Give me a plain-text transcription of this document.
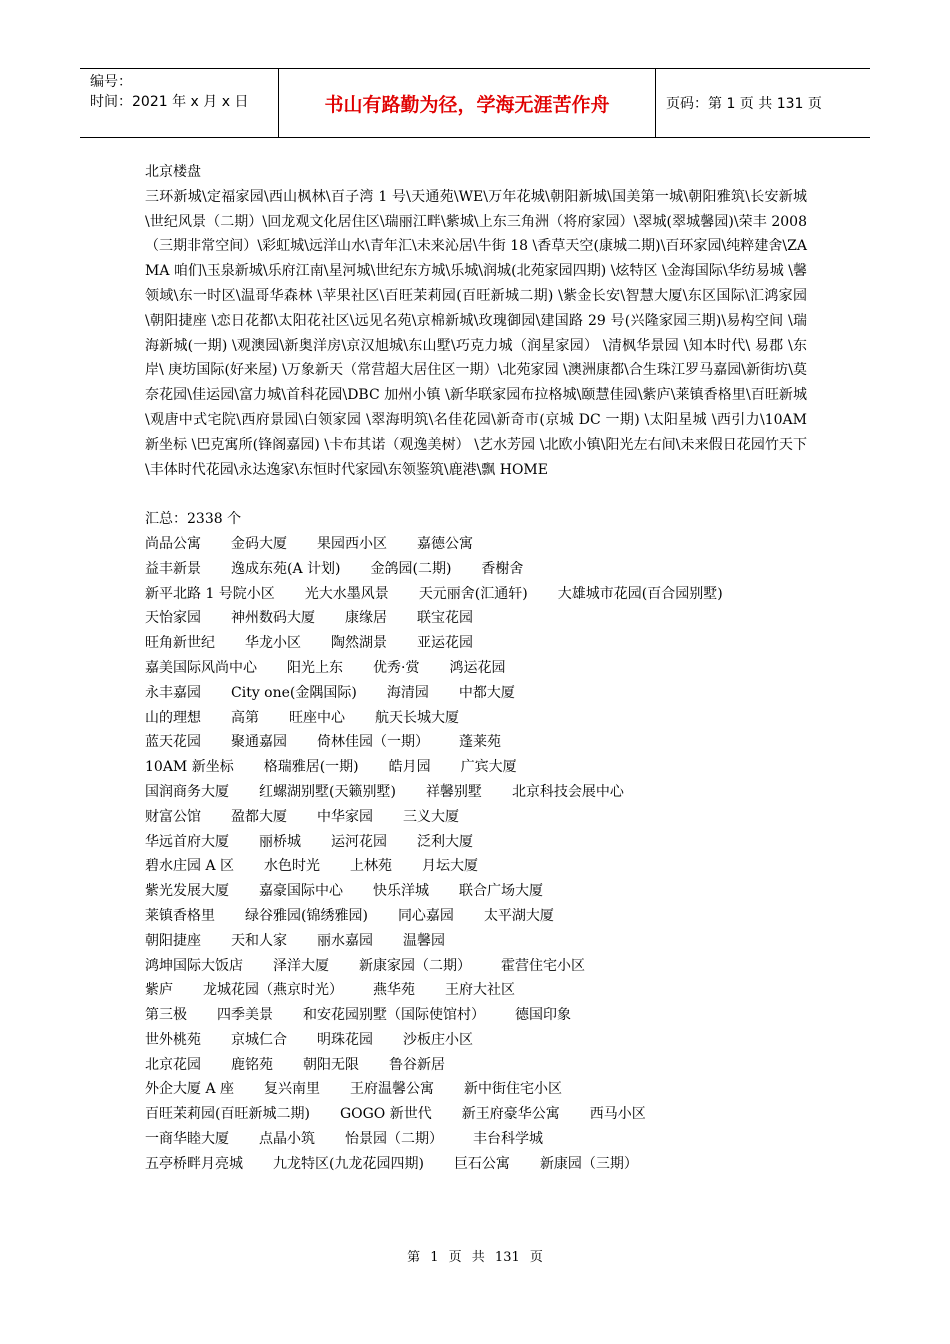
编号：
时间：2021 年 x 月 x 日	书山有路勤为径，学海无涯苦作舟	页码：第 1 页 共 131 页
北京楼盘
三环新城\定福家园\西山枫林\百子湾 1 号\天通苑\WE\万年花城\朝阳新城\国美第一城\朝阳雅筑\长安新城\世纪风景（二期）\回龙观文化居住区\瑞丽江畔\紫城\上东三角洲（将府家园）\翠城(翠城馨园)\荣丰 2008（三期非常空间）\彩虹城\远洋山水\青年汇\未来沁居\牛街 18 \香草天空(康城二期)\百环家园\纯粹建舍\ZAMA 咱们\玉泉新城\乐府江南\星河城\世纪东方城\乐城\润城(北苑家园四期) \炫特区 \金海国际\华纺易城 \馨领域\东一时区\温哥华森林 \苹果社区\百旺茉莉园(百旺新城二期) \紫金长安\智慧大厦\东区国际\汇鸿家园\朝阳捷座 \恋日花都\太阳花社区\远见名苑\京棉新城\玫瑰御园\建国路 29 号(兴隆家园三期)\易构空间 \瑞海新城(一期) \观澳园\新奥洋房\京汉旭城\东山墅\巧克力城（润星家园） \清枫华景园 \知本时代\ 易郡 \东岸\ 庚坊国际(好来屋) \万象新天（常营超大居住区一期）\北苑家园 \澳洲康都\合生珠江罗马嘉园\新街坊\莫奈花园\佳运园\富力城\首科花园\DBC 加州小镇 \新华联家园布拉格城\颐慧佳园\紫庐\莱镇香格里\百旺新城\观唐中式宅院\西府景园\白领家园 \翠海明筑\名佳花园\新奇市(京城 DC 一期) \太阳星城 \西引力\10AM 新坐标 \巴克寓所(锋阁嘉园) \卡布其诺（观逸美树） \艺水芳园 \北欧小镇\阳光左右间\未来假日花园竹天下\丰体时代花园\永达逸家\东恒时代家园\东领鉴筑\鹿港\飘 HOME
汇总：2338 个
尚品公寓 金码大厦 果园西小区 嘉德公寓
益丰新景 逸成东苑(A 计划) 金鸽园(二期) 香榭舍
新平北路 1 号院小区 光大水墨风景 天元丽舍(汇通轩) 大雄城市花园(百合园别墅)
天怡家园 神州数码大厦 康缘居 联宝花园
旺角新世纪 华龙小区 陶然湖景 亚运花园
嘉美国际风尚中心 阳光上东 优秀·赏 鸿运花园
永丰嘉园 City one(金隅国际) 海清园 中都大厦
山的理想 高第 旺座中心 航天长城大厦
蓝天花园 聚通嘉园 倚林佳园（一期） 蓬莱苑
10AM 新坐标 格瑞雅居(一期) 皓月园 广宾大厦
国润商务大厦 红螺湖别墅(天籁别墅) 祥馨别墅 北京科技会展中心
财富公馆 盈都大厦 中华家园 三义大厦
华远首府大厦 丽桥城 运河花园 泛利大厦
碧水庄园 A 区 水色时光 上林苑 月坛大厦
紫光发展大厦 嘉豪国际中心 快乐洋城 联合广场大厦
莱镇香格里 绿谷雅园(锦绣雅园) 同心嘉园 太平湖大厦
朝阳捷座 天和人家 丽水嘉园 温馨园
鸿坤国际大饭店 泽洋大厦 新康家园（二期） 霍营住宅小区
紫庐 龙城花园（燕京时光） 燕华苑 王府大社区
第三极 四季美景 和安花园别墅（国际使馆村） 德国印象
世外桃苑 京城仁合 明珠花园 沙板庄小区
北京花园 鹿铭苑 朝阳无限 鲁谷新居
外企大厦 A 座 复兴南里 王府温馨公寓 新中街住宅小区
百旺茉莉园(百旺新城二期) GOGO 新世代 新王府豪华公寓 西马小区
一商华睦大厦 点晶小筑 怡景园（二期） 丰台科学城
五亭桥畔月亮城 九龙特区(九龙花园四期) 巨石公寓 新康园（三期）
第 1 页 共 131 页
